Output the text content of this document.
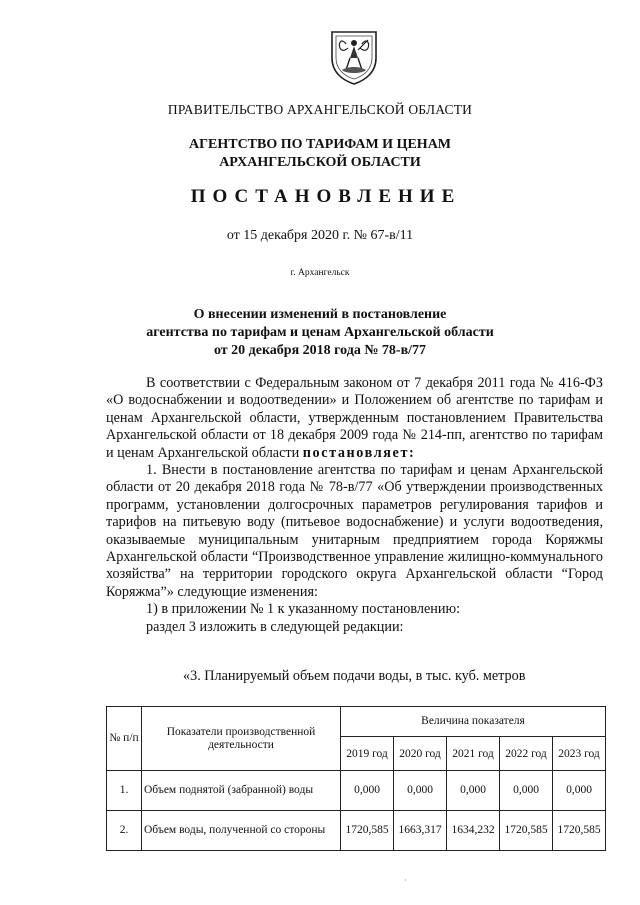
ПРАВИТЕЛЬСТВО АРХАНГЕЛЬСКОЙ ОБЛАСТИ
АГЕНТСТВО ПО ТАРИФАМ И ЦЕНАМ
АРХАНГЕЛЬСКОЙ ОБЛАСТИ
ПОСТАНОВЛЕНИЕ
от 15 декабря 2020 г. № 67-в/11
г. Архангельск
О внесении изменений в постановление
агентства по тарифам и ценам Архангельской области
от 20 декабря 2018 года № 78-в/77

В соответствии с Федеральным законом от 7 декабря 2011 года № 416-ФЗ «О водоснабжении и водоотведении» и Положением об агентстве по тарифам и ценам Архангельской области, утвержденным постановлением Правительства Архангельской области от 18 декабря 2009 года № 214-пп, агентство по тарифам и ценам Архангельской области постановляет:

1. Внести в постановление агентства по тарифам и ценам Архангельской области от 20 декабря 2018 года № 78-в/77 «Об утверждении производственных программ, установлении долгосрочных параметров регулирования тарифов и тарифов на питьевую воду (питьевое водоснабжение) и услуги водоотведения, оказываемые муниципальным унитарным предприятием города Коряжмы Архангельской области “Производственное управление жилищно-коммунального хозяйства” на территории городского округа Архангельской области “Город Коряжма”» следующие изменения:

1) в приложении № 1 к указанному постановлению:

раздел 3 изложить в следующей редакции:

«3. Планируемый объем подачи воды, в тыс. куб. метров
№ п/п	Показатели производственной деятельности	Величина показателя				
		2019 год	2020 год	2021 год	2022 год	2023 год
1.	Объем поднятой (забранной) воды	0,000	0,000	0,000	0,000	0,000
2.	Объем воды, полученной со стороны	1720,585	1663,317	1634,232	1720,585	1720,585
·
